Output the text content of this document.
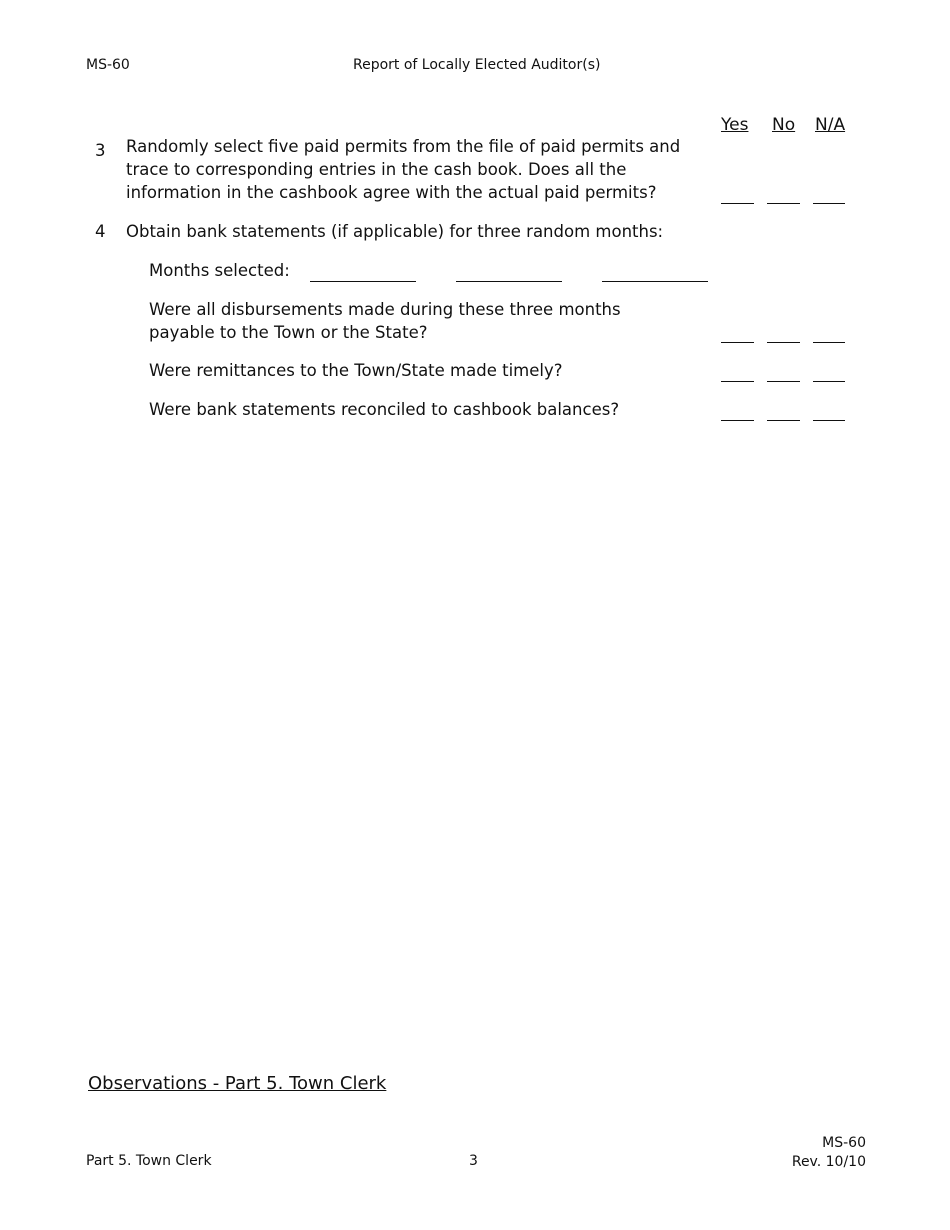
MS-60	Report of Locally Elected Auditor(s)
Yes No N/A
3 Randomly select five paid permits from the file of paid permits and
trace to corresponding entries in the cash book. Does all the
information in the cashbook agree with the actual paid permits?
4 Obtain bank statements (if applicable) for three random months:
Months selected:
Were all disbursements made during these three months
payable to the Town or the State?
Were remittances to the Town/State made timely?
Were bank statements reconciled to cashbook balances?
Observations - Part 5. Town Clerk
Part 5. Town Clerk	3
MS-60
Rev. 10/10
